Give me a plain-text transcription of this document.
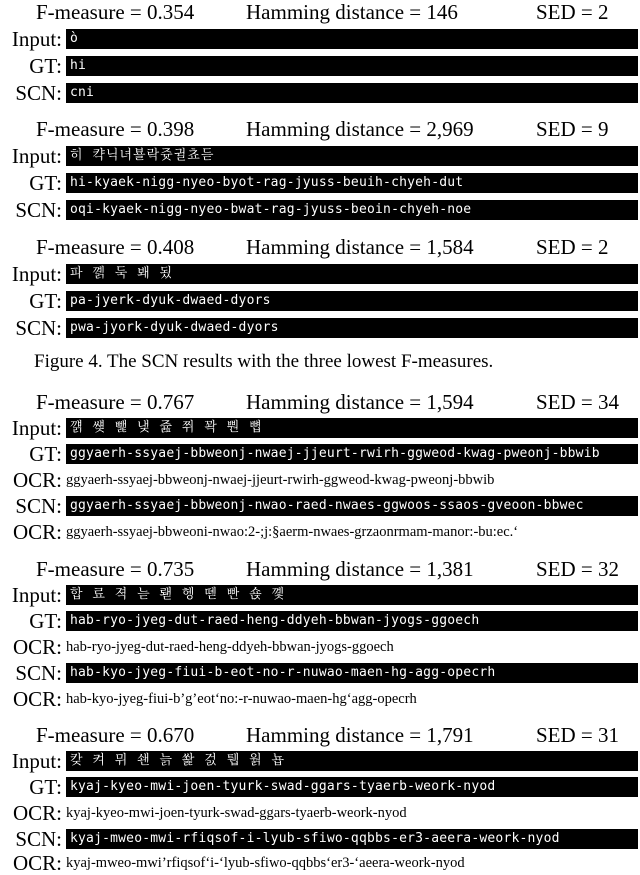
F-measure = 0.354 Hamming distance = 146	SED = 2
Input: ò
GT: hi
SCN: cni
F-measure = 0.398 Hamming distance = 2,969	SED = 9
Input: 히 캭닉녀뵬락쥿귈쵸듣
GT: hi-kyaek-nigg-nyeo-byot-rag-jyuss-beuih-chyeh-dut
SCN: oqi-kyaek-nigg-nyeo-bwat-rag-jyuss-beoin-chyeh-noe
F-measure = 0.408 Hamming distance = 1,584	SED = 2
Input: 파 꼙 둑 봬 됬
GT: pa-jyerk-dyuk-dwaed-dyors
SCN: pwa-jyork-dyuk-dwaed-dyors
Figure 4. The SCN results with the three lowest F-measures.
F-measure = 0.767 Hamming distance = 1,594	SED = 34
Input: 꺩 썢 뺉 냊 쥺 쮜 꽉 뿬 뼙
GT: ggyaerh-ssyaej-bbweonj-nwaej-jjeurt-rwirh-ggweod-kwag-pweonj-bbwib
OCR: ggyaerh-ssyaej-bbweonj-nwaej-jjeurt-rwirh-ggweod-kwag-pweonj-bbwib
SCN: ggyaerh-ssyaej-bbweonj-nwao-raed-nwaes-ggwoos-ssaos-gveoon-bbwec
OCR: ggyaerh-ssyaej-bbweoni-nwao:2-;j:§aerm-nwaes-grzaonrmam-manor:-bu:ec.‘
F-measure = 0.735 Hamming distance = 1,381	SED = 32
Input: 합 료 젹 늗 뢛 헹 뗻 빤 숁 꼧
GT: hab-ryo-jyeg-dut-raed-heng-ddyeh-bbwan-jyogs-ggoech
OCR: hab-ryo-jyeg-dut-raed-heng-ddyeh-bbwan-jyogs-ggoech
SCN: hab-kyo-jyeg-fiui-b-eot-no-r-nuwao-maen-hg-agg-opecrh
OCR: hab-kyo-jyeg-fiui-b’g’eot‘no:-r-nuwao-maen-hg‘agg-opecrh
F-measure = 0.670 Hamming distance = 1,791	SED = 31
Input: 캊 켜 뮈 쇈 늙 쐁 걼 퉵 웕 뇹
GT: kyaj-kyeo-mwi-joen-tyurk-swad-ggars-tyaerb-weork-nyod
OCR: kyaj-kyeo-mwi-joen-tyurk-swad-ggars-tyaerb-weork-nyod
SCN: kyaj-mweo-mwi-rfiqsof-i-lyub-sfiwo-qqbbs-er3-aeera-weork-nyod
OCR: kyaj-mweo-mwi’rfiqsof‘i-‘lyub-sfiwo-qqbbs‘er3-‘aeera-weork-nyod
